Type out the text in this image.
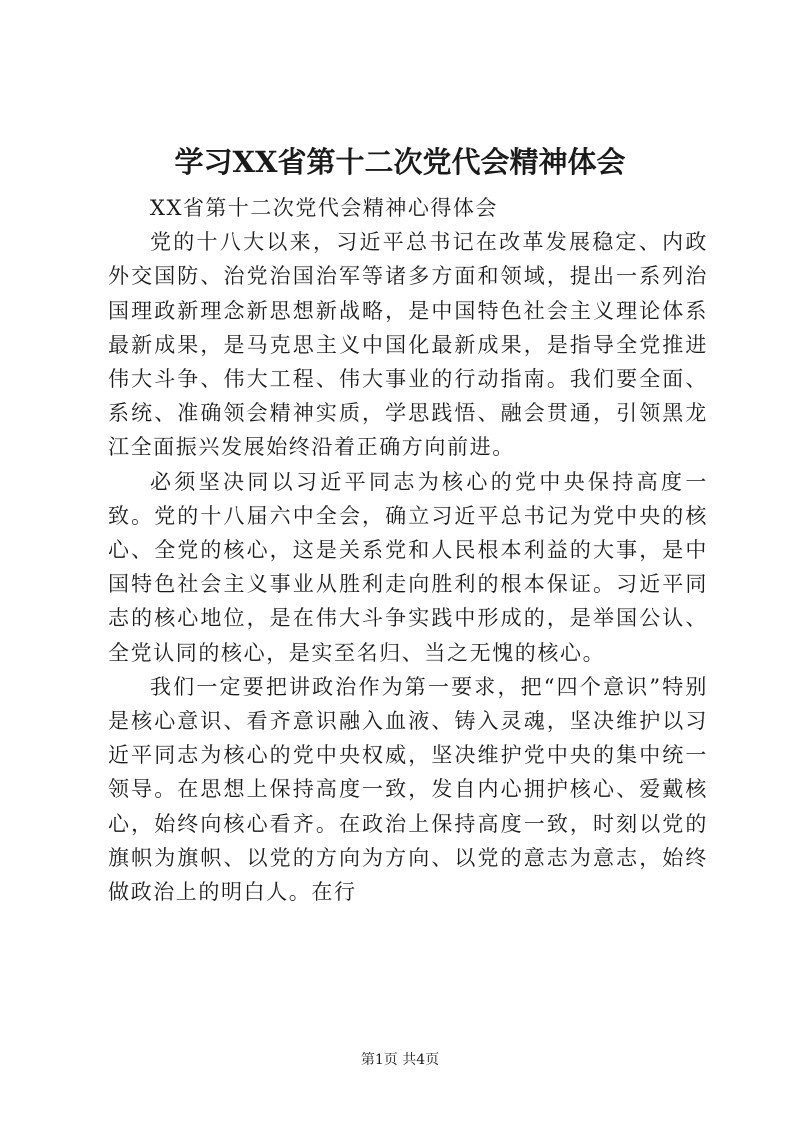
学习XX省第十二次党代会精神体会

XX省第十二次党代会精神心得体会

党的十八大以来，习近平总书记在改革发展稳定、内政外交国防、治党治国治军等诸多方面和领域，提出一系列治国理政新理念新思想新战略，是中国特色社会主义理论体系最新成果，是马克思主义中国化最新成果，是指导全党推进伟大斗争、伟大工程、伟大事业的行动指南。我们要全面、系统、准确领会精神实质，学思践悟、融会贯通，引领黑龙江全面振兴发展始终沿着正确方向前进。

必须坚决同以习近平同志为核心的党中央保持高度一致。党的十八届六中全会，确立习近平总书记为党中央的核心、全党的核心，这是关系党和人民根本利益的大事，是中国特色社会主义事业从胜利走向胜利的根本保证。习近平同志的核心地位，是在伟大斗争实践中形成的，是举国公认、全党认同的核心，是实至名归、当之无愧的核心。

我们一定要把讲政治作为第一要求，把“四个意识”特别是核心意识、看齐意识融入血液、铸入灵魂，坚决维护以习近平同志为核心的党中央权威，坚决维护党中央的集中统一领导。在思想上保持高度一致，发自内心拥护核心、爱戴核心，始终向核心看齐。在政治上保持高度一致，时刻以党的旗帜为旗帜、以党的方向为方向、以党的意志为意志，始终做政治上的明白人。在行

第1页 共4页
